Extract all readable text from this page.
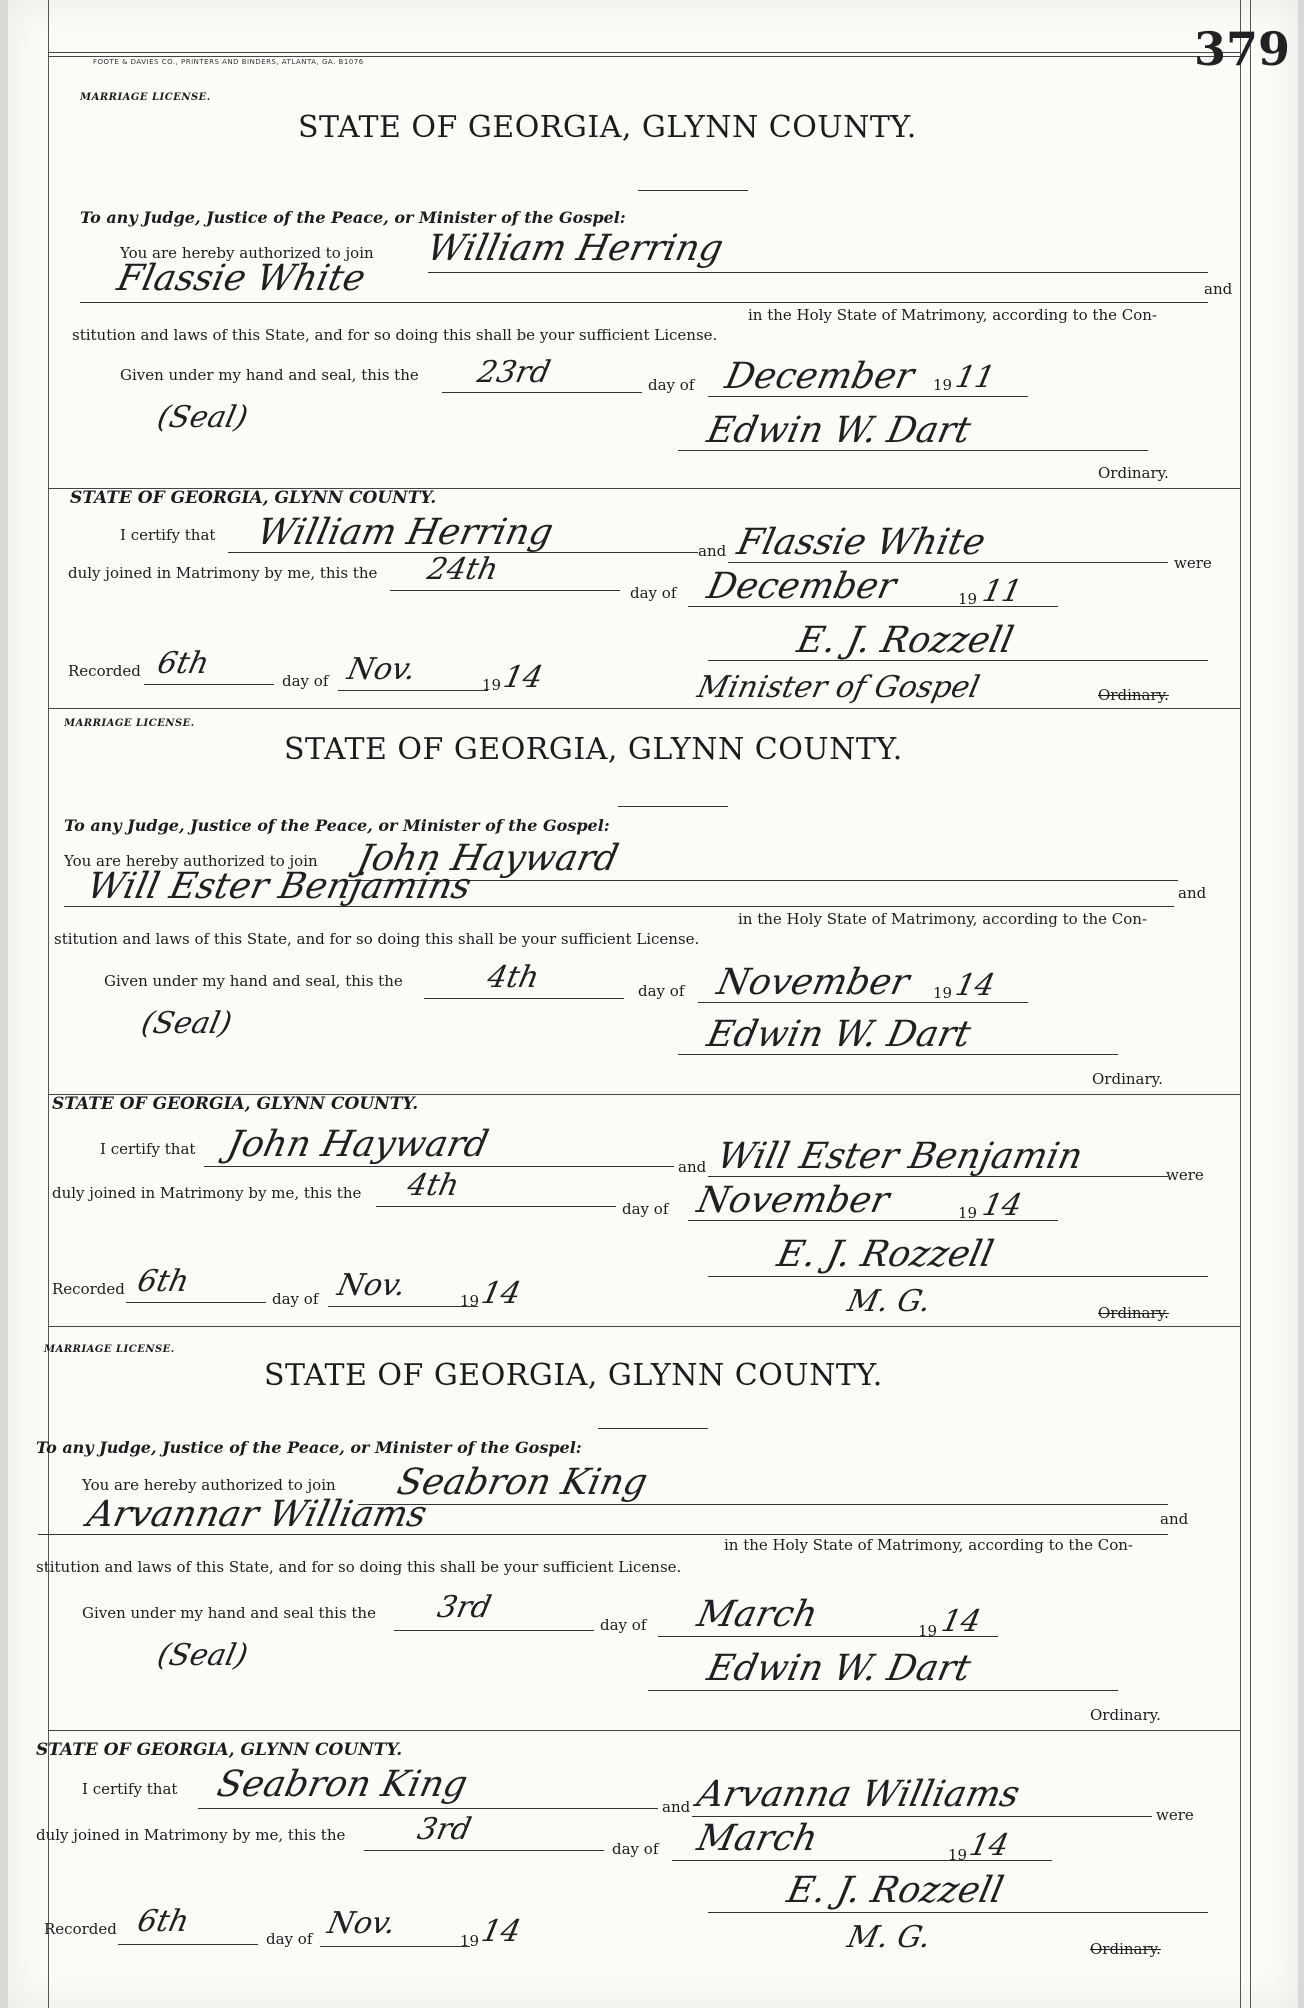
FOOTE & DAVIES CO., PRINTERS AND BINDERS, ATLANTA, GA. B1076	379
MARRIAGE LICENSE.
STATE OF GEORGIA, GLYNN COUNTY.
To any Judge, Justice of the Peace, or Minister of the Gospel:
You are hereby authorized to join William Herring
Flassie White	and
in the Holy State of Matrimony, according to the Con-
stitution and laws of this State, and for so doing this shall be your sufficient License.
Given under my hand and seal, this the 23rd	day of December 19 11
(Seal)	Edwin W. Dart
Ordinary.
STATE OF GEORGIA, GLYNN COUNTY.
I certify that William Herring	and Flassie White	were
duly joined in Matrimony by me, this the 24th
day of December	19 11
E. J. Rozzell
Recorded 6th	day of Nov.	19 14	Minister of Gospel	Ordinary.
MARRIAGE LICENSE.
STATE OF GEORGIA, GLYNN COUNTY.
To any Judge, Justice of the Peace, or Minister of the Gospel:
You are hereby authorized to join John Hayward
Will Ester Benjamins	and
in the Holy State of Matrimony, according to the Con-
stitution and laws of this State, and for so doing this shall be your sufficient License.
Given under my hand and seal, this the	4th	day of November 19 14
(Seal)	Edwin W. Dart
Ordinary.
STATE OF GEORGIA, GLYNN COUNTY.
I certify that John Hayward
and Will Ester Benjamin	were
duly joined in Matrimony by me, this the 4th
day of November	19 14
E. J. Rozzell
Recorded 6th	day of Nov.	19 14	M. G.	Ordinary.
MARRIAGE LICENSE.
STATE OF GEORGIA, GLYNN COUNTY.
To any Judge, Justice of the Peace, or Minister of the Gospel:
You are hereby authorized to join Seabron King
Arvannar Williams	and
in the Holy State of Matrimony, according to the Con-
stitution and laws of this State, and for so doing this shall be your sufficient License.
Given under my hand and seal this the 3rd	day of March	19 14
(Seal)	Edwin W. Dart
Ordinary.
STATE OF GEORGIA, GLYNN COUNTY.
I certify that Seabron King
and Arvanna Williams	were
duly joined in Matrimony by me, this the 3rd
day of March	19 14
E. J. Rozzell
Recorded 6th	day of Nov.	19 14	M. G.	Ordinary.
